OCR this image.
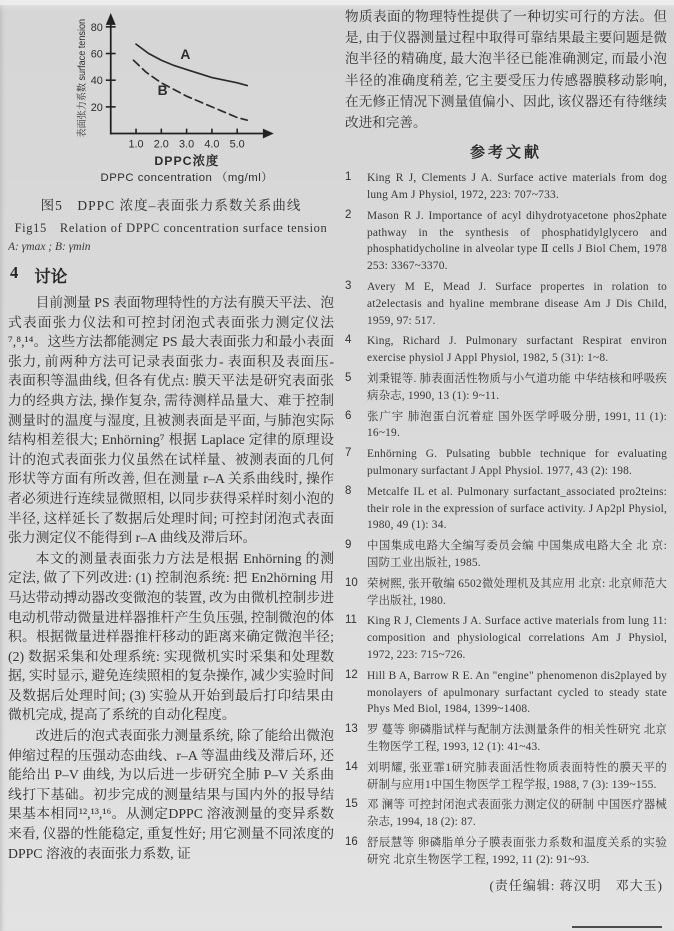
20
40
60
80
1.0 2.0 3.0 4.0 5.0
A
B
表面张力系数 surface tension
DPPC浓度
DPPC concentration （mg/ml）
图5　DPPC 浓度–表面张力系数关系曲线
Fig15　Relation of DPPC concentration surface tension
A: γmax ; B: γmin
4 讨论

目前测量 PS 表面物理特性的方法有膜天平法、泡式表面张力仪法和可控封闭泡式表面张力测定仪法⁷,⁸,¹⁴。这些方法都能测定 PS 最大表面张力和最小表面张力, 前两种方法可记录表面张力- 表面积及表面压- 表面积等温曲线, 但各有优点: 膜天平法是研究表面张力的经典方法, 操作复杂, 需待测样品量大、难于控制测量时的温度与湿度, 且被测表面是平面, 与肺泡实际结构相差很大; Enhörning⁷ 根据 Laplace 定律的原理设计的泡式表面张力仪虽然在试样量、被测表面的几何形状等方面有所改善, 但在测量 r–A 关系曲线时, 操作者必须进行连续显微照相, 以同步获得采样时刻小泡的半径, 这样延长了数据后处理时间; 可控封闭泡式表面张力测定仪不能得到 r–A 曲线及滞后环。

本文的测量表面张力方法是根据 Enhörning 的测定法, 做了下列改进: (1) 控制泡系统: 把 En2hörning 用马达带动搏动器改变微泡的装置, 改为由微机控制步进电动机带动微量进样器推杆产生负压强, 控制微泡的体积。根据微量进样器推杆移动的距离来确定微泡半径; (2) 数据采集和处理系统: 实现微机实时采集和处理数据, 实时显示, 避免连续照相的复杂操作, 减少实验时间及数据后处理时间; (3) 实验从开始到最后打印结果由微机完成, 提高了系统的自动化程度。

改进后的泡式表面张力测量系统, 除了能给出微泡伸缩过程的压强动态曲线、r–A 等温曲线及滞后环, 还能给出 P–V 曲线, 为以后进一步研究全肺 P–V 关系曲线打下基础。初步完成的测量结果与国内外的报导结果基本相同¹²,¹³,¹⁶。从测定DPPC 溶液测量的变异系数来看, 仪器的性能稳定, 重复性好; 用它测量不同浓度的DPPC 溶液的表面张力系数, 证

物质表面的物理特性提供了一种切实可行的方法。但是, 由于仪器测量过程中取得可靠结果最主要问题是微泡半径的精确度, 最大泡半径已能准确测定, 而最小泡半径的准确度稍差, 它主要受压力传感器膜移动影响, 在无修正情况下测量值偏小、因此, 该仪器还有待继续改进和完善。

参考文献
1	King R J, Clements J A. Surface active materials from dog lung Am J Physiol, 1972, 223: 707~733.
2	Mason R J. Importance of acyl dihydrotyacetone phos2phate pathway in the synthesis of phosphatidylglycero and phosphatidycholine in alveolar type Ⅱ cells J Biol Chem, 1978 253: 3367~3370.
3	Avery M E, Mead J. Surface propertes in rolation to at2electasis and hyaline membrane disease Am J Dis Child, 1959, 97: 517.
4	King, Richard J. Pulmonary surfactant Respirat environ exercise physiol J Appl Physiol, 1982, 5 (31): 1~8.
5	刘秉锟等. 肺表面活性物质与小气道功能 中华结核和呼吸疾病杂志, 1990, 13 (1): 9~11.
6	张广宇 肺泡蛋白沉着症 国外医学呼吸分册, 1991, 11 (1): 16~19.
7	Enhörning G. Pulsating bubble technique for evaluating pulmonary surfactant J Appl Physiol. 1977, 43 (2): 198.
8	Metcalfe IL et al. Pulmonary surfactant_associated pro2teins: their role in the expression of surface activity. J Ap2pl Physiol, 1980, 49 (1): 34.
9	中国集成电路大全编写委员会编 中国集成电路大全 北 京: 国防工业出版社, 1985.
10 荣树熙, 张开敬编 6502微处理机及其应用 北京: 北京师范大学出版社, 1980.
11 King R J, Clements J A. Surface active materials from lung 11: composition and physiological correlations Am J Physiol, 1972, 223: 715~726.
12 Hill B A, Barrow R E. An "engine" phenomenon dis2played by monolayers of apulmonary surfactant cycled to steady state Phys Med Biol, 1984, 1399~1408.
13 罗 蔓等 卵磷脂试样与配制方法测量条件的相关性研究 北京生物医学工程, 1993, 12 (1): 41~43.
14 刘明耀, 张亚霏1研究肺表面活性物质表面特性的膜天平的研制与应用1中国生物医学工程学报, 1988, 7 (3): 139~155.
15 邓 澜等 可控封闭泡式表面张力测定仪的研制 中国医疗器械杂志, 1994, 18 (2): 87.
16 舒辰慧等 卵磷脂单分子膜表面张力系数和温度关系的实验研究 北京生物医学工程, 1992, 11 (2): 91~93.
(责任编辑: 蒋汉明　邓大玉)
